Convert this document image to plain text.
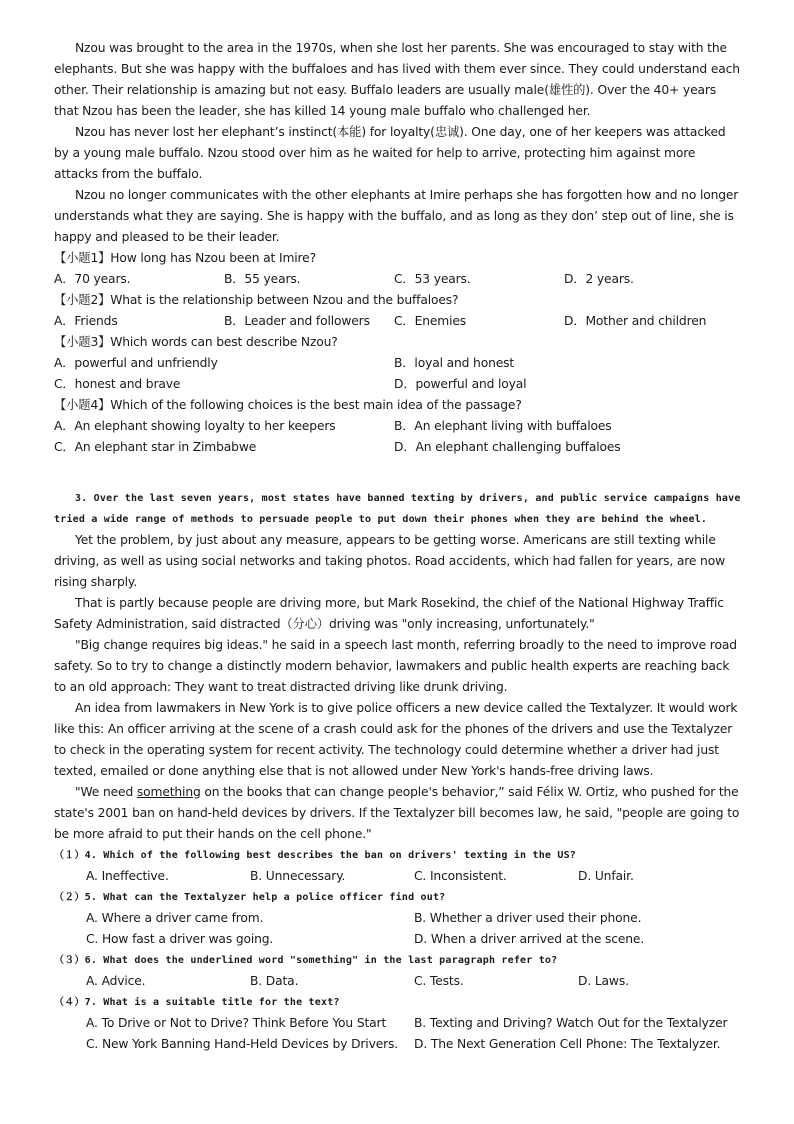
Nzou was brought to the area in the 1970s, when she lost her parents. She was encouraged to stay with the elephants. But she was happy with the buffaloes and has lived with them ever since. They could understand each other. Their relationship is amazing but not easy. Buffalo leaders are usually male(雄性的). Over the 40+ years that Nzou has been the leader, she has killed 14 young male buffalo who challenged her.

Nzou has never lost her elephant’s instinct(本能) for loyalty(忠诚). One day, one of her keepers was attacked by a young male buffalo. Nzou stood over him as he waited for help to arrive, protecting him against more attacks from the buffalo.

Nzou no longer communicates with the other elephants at Imire perhaps she has forgotten how and no longer understands what they are saying. She is happy with the buffalo, and as long as they don’ step out of line, she is happy and pleased to be their leader.

【小题1】How long has Nzou been at Imire?
A．70 years.	B．55 years.	C．53 years.	D．2 years.
【小题2】What is the relationship between Nzou and the buffaloes?
A．Friends	B．Leader and followers C．Enemies	D．Mother and children
【小题3】Which words can best describe Nzou?
A．powerful and unfriendly	B．loyal and honest
C．honest and brave	D．powerful and loyal
【小题4】Which of the following choices is the best main idea of the passage?
A．An elephant showing loyalty to her keepers	B．An elephant living with buffaloes
C．An elephant star in Zimbabwe	D．An elephant challenging buffaloes
3. Over the last seven years, most states have banned texting by drivers, and public service campaigns have
tried a wide range of methods to persuade people to put down their phones when they are behind the wheel.

Yet the problem, by just about any measure, appears to be getting worse. Americans are still texting while driving, as well as using social networks and taking photos. Road accidents, which had fallen for years, are now rising sharply.

That is partly because people are driving more, but Mark Rosekind, the chief of the National Highway Traffic Safety Administration, said distracted（分心）driving was "only increasing, unfortunately."

"Big change requires big ideas." he said in a speech last month, referring broadly to the need to improve road safety. So to try to change a distinctly modern behavior, lawmakers and public health experts are reaching back to an old approach: They want to treat distracted driving like drunk driving.

An idea from lawmakers in New York is to give police officers a new device called the Textalyzer. It would work like this: An officer arriving at the scene of a crash could ask for the phones of the drivers and use the Textalyzer to check in the operating system for recent activity. The technology could determine whether a driver had just texted, emailed or done anything else that is not allowed under New York's hands-free driving laws.

"We need something on the books that can change people's behavior,” said Félix W. Ortiz, who pushed for the state's 2001 ban on hand-held devices by drivers. If the Textalyzer bill becomes law, he said, "people are going to be more afraid to put their hands on the cell phone."

（１）4. Which of the following best describes the ban on drivers' texting in the US?
A. Ineffective.	B. Unnecessary.	C. Inconsistent.	D. Unfair.
（２）5. What can the Textalyzer help a police officer find out?
A. Where a driver came from.	B. Whether a driver used their phone.
C. How fast a driver was going.	D. When a driver arrived at the scene.
（３）6. What does the underlined word "something" in the last paragraph refer to?
A. Advice.	B. Data.	C. Tests.	D. Laws.
（４）7. What is a suitable title for the text?
A. To Drive or Not to Drive? Think Before You Start B. Texting and Driving? Watch Out for the Textalyzer
C. New York Banning Hand-Held Devices by Drivers. D. The Next Generation Cell Phone: The Textalyzer.
